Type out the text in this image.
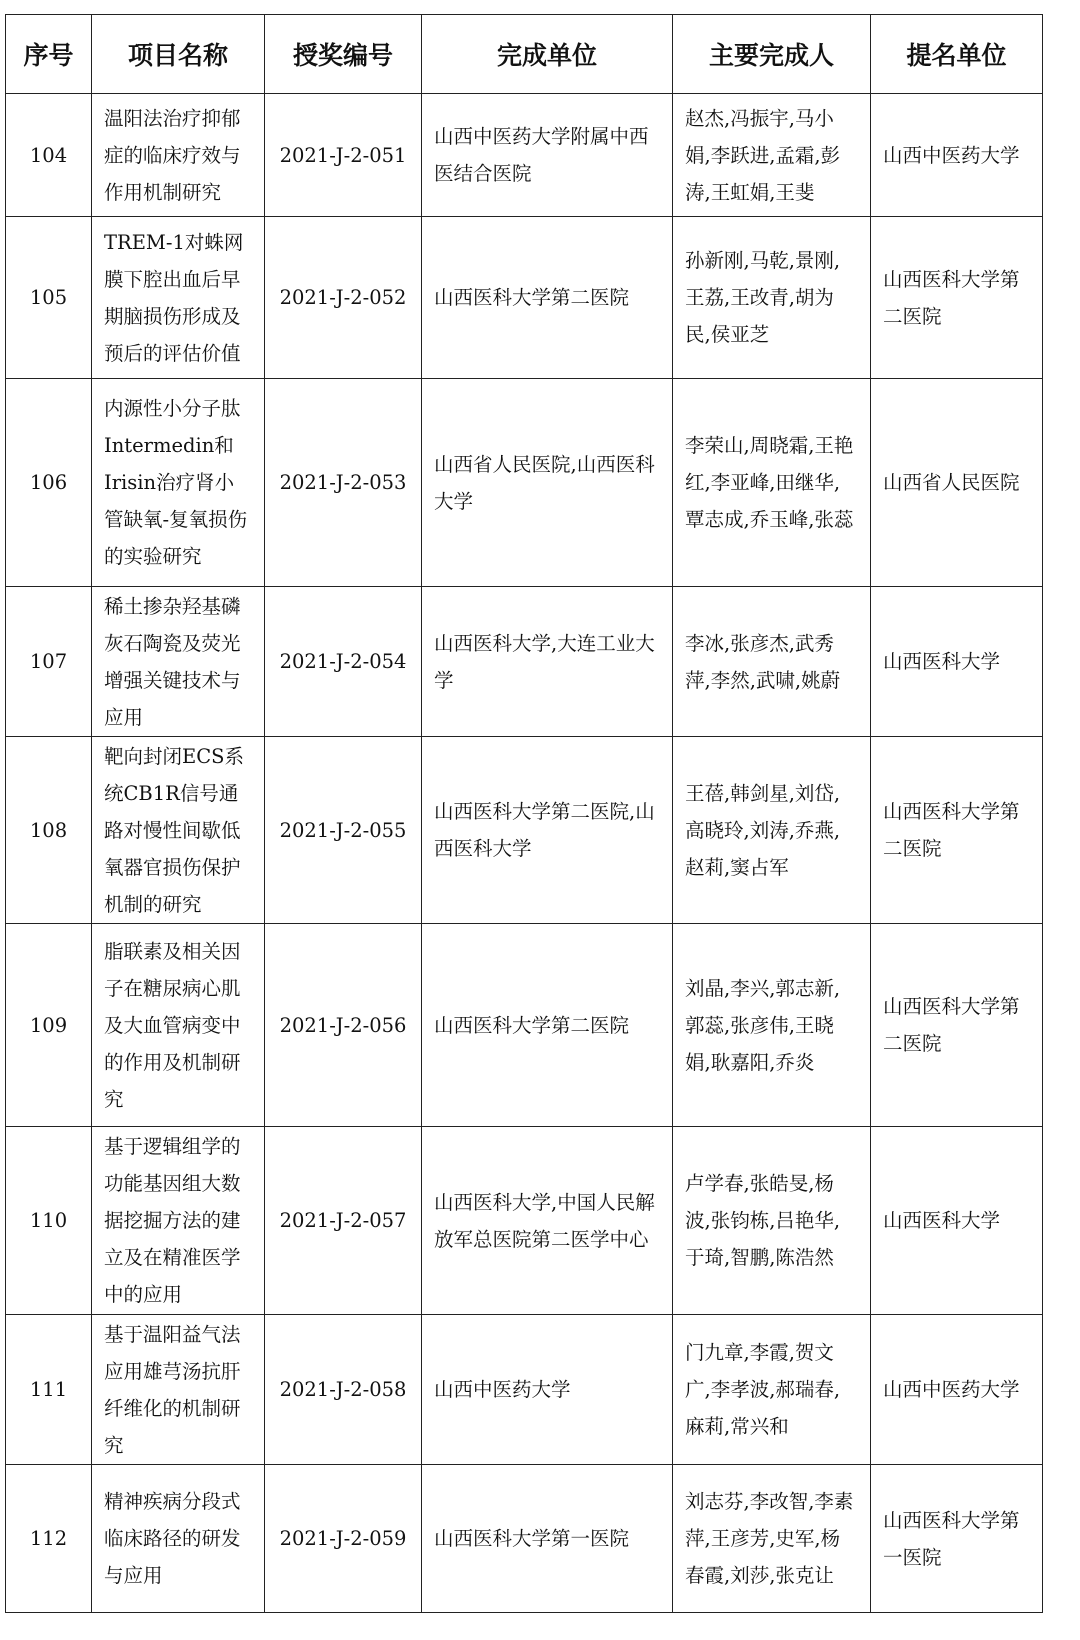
序号	项目名称	授奖编号	完成单位	主要完成人	提名单位
104	温阳法治疗抑郁症的临床疗效与作用机制研究	2021-J-2-051	山西中医药大学附属中西医结合医院	赵杰,冯振宇,马小娟,李跃进,孟霜,彭涛,王虹娟,王斐	山西中医药大学
105	TREM-1对蛛网膜下腔出血后早期脑损伤形成及预后的评估价值	2021-J-2-052	山西医科大学第二医院	孙新刚,马乾,景刚,王荔,王改青,胡为民,侯亚芝	山西医科大学第二医院
106	内源性小分子肽Intermedin和Irisin治疗肾小管缺氧-复氧损伤的实验研究	2021-J-2-053	山西省人民医院,山西医科大学	李荣山,周晓霜,王艳红,李亚峰,田继华,覃志成,乔玉峰,张蕊	山西省人民医院
107	稀土掺杂羟基磷灰石陶瓷及荧光增强关键技术与应用	2021-J-2-054	山西医科大学,大连工业大学	李冰,张彦杰,武秀萍,李然,武啸,姚蔚	山西医科大学
108	靶向封闭ECS系统CB1R信号通路对慢性间歇低氧器官损伤保护机制的研究	2021-J-2-055	山西医科大学第二医院,山西医科大学	王蓓,韩剑星,刘岱,高晓玲,刘涛,乔燕,赵莉,窦占军	山西医科大学第二医院
109	脂联素及相关因子在糖尿病心肌及大血管病变中的作用及机制研究	2021-J-2-056	山西医科大学第二医院	刘晶,李兴,郭志新,郭蕊,张彦伟,王晓娟,耿嘉阳,乔炎	山西医科大学第二医院
110	基于逻辑组学的功能基因组大数据挖掘方法的建立及在精准医学中的应用	2021-J-2-057	山西医科大学,中国人民解放军总医院第二医学中心	卢学春,张皓旻,杨波,张钧栋,吕艳华,于琦,智鹏,陈浩然	山西医科大学
111	基于温阳益气法应用雄芎汤抗肝纤维化的机制研究	2021-J-2-058	山西中医药大学	门九章,李霞,贺文广,李孝波,郝瑞春,麻莉,常兴和	山西中医药大学
112	精神疾病分段式临床路径的研发与应用	2021-J-2-059	山西医科大学第一医院	刘志芬,李改智,李素萍,王彦芳,史军,杨春霞,刘莎,张克让	山西医科大学第一医院
